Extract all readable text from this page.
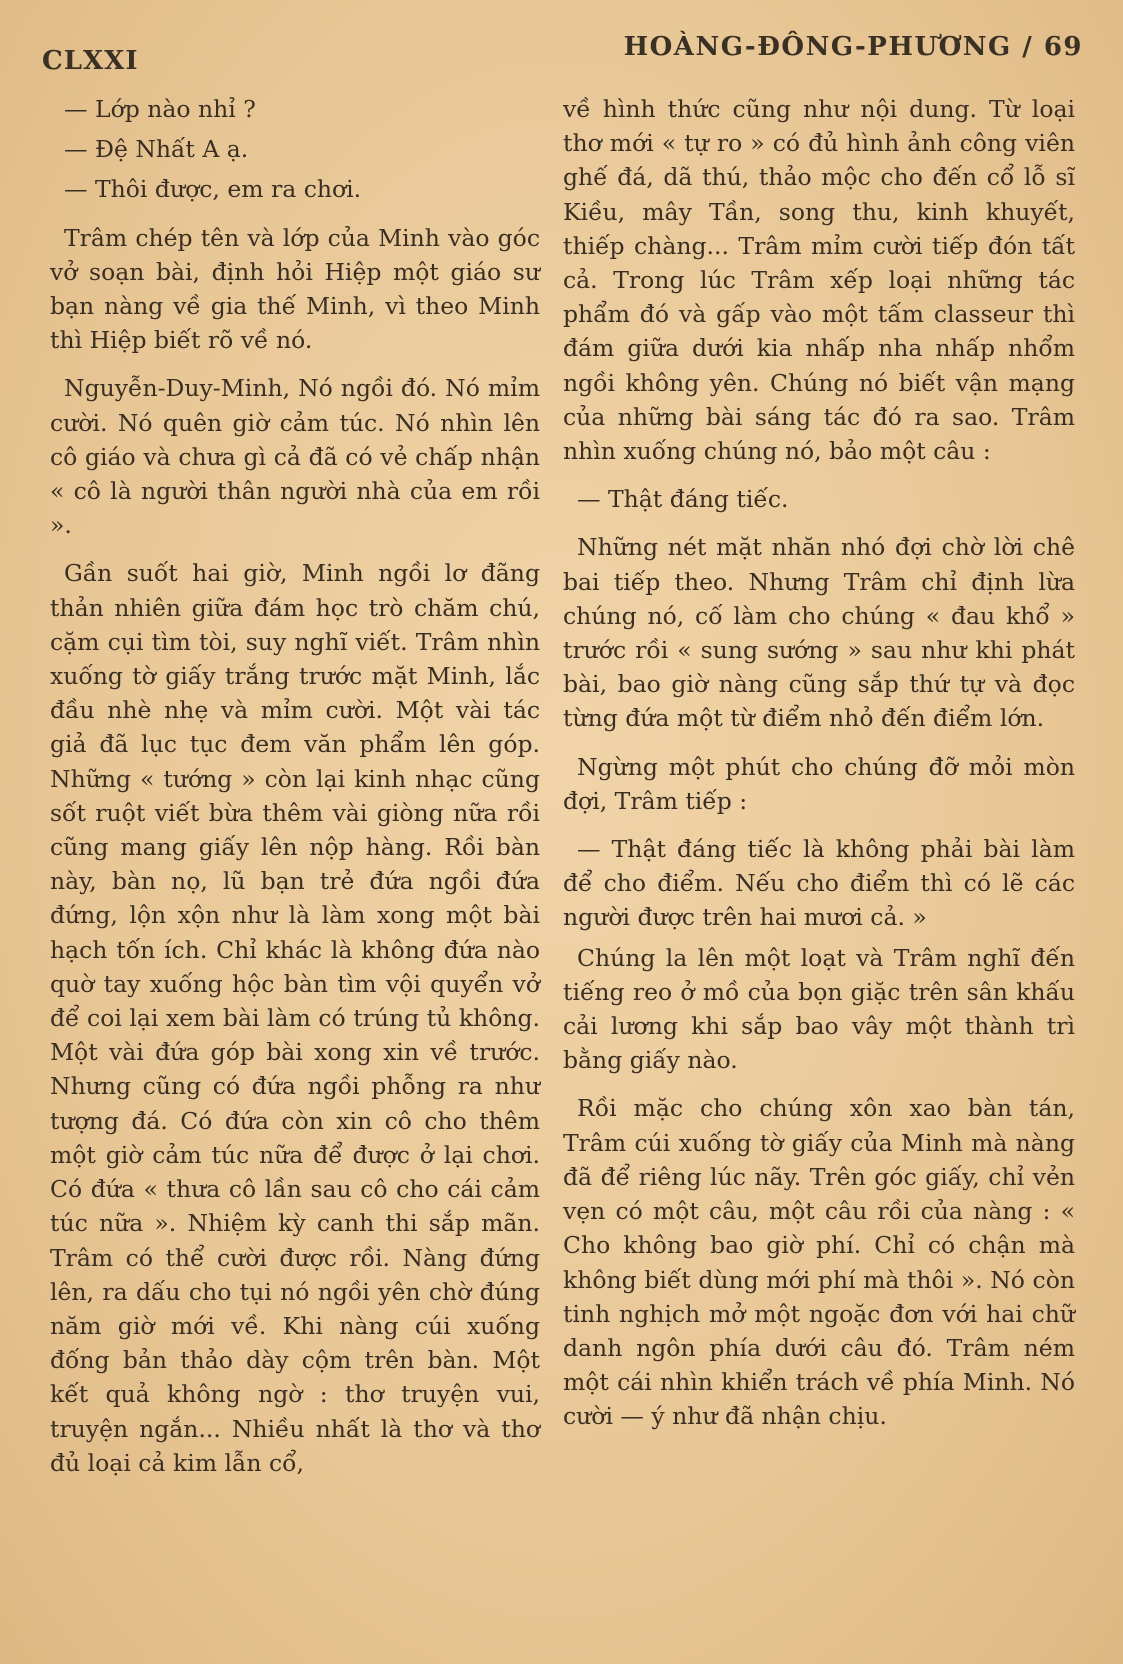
CLXXI	HOÀNG-ĐÔNG-PHƯƠNG / 69

— Lớp nào nhỉ ?

— Đệ Nhất A ạ.

— Thôi được, em ra chơi.

Trâm chép tên và lớp của Minh vào góc vở soạn bài, định hỏi Hiệp một giáo sư bạn nàng về gia thế Minh, vì theo Minh thì Hiệp biết rõ về nó.

Nguyễn-Duy-Minh, Nó ngồi đó. Nó mỉm cười. Nó quên giờ cảm túc. Nó nhìn lên cô giáo và chưa gì cả đã có vẻ chấp nhận « cô là người thân người nhà của em rồi ».

Gần suốt hai giờ, Minh ngồi lơ đãng thản nhiên giữa đám học trò chăm chú, cặm cụi tìm tòi, suy nghĩ viết. Trâm nhìn xuống tờ giấy trắng trước mặt Minh, lắc đầu nhè nhẹ và mỉm cười. Một vài tác giả đã lục tục đem văn phẩm lên góp. Những « tướng » còn lại kinh nhạc cũng sốt ruột viết bừa thêm vài giòng nữa rồi cũng mang giấy lên nộp hàng. Rồi bàn này, bàn nọ, lũ bạn trẻ đứa ngồi đứa đứng, lộn xộn như là làm xong một bài hạch tốn ích. Chỉ khác là không đứa nào quờ tay xuống hộc bàn tìm vội quyển vở để coi lại xem bài làm có trúng tủ không. Một vài đứa góp bài xong xin về trước. Nhưng cũng có đứa ngồi phỗng ra như tượng đá. Có đứa còn xin cô cho thêm một giờ cảm túc nữa để được ở lại chơi. Có đứa « thưa cô lần sau cô cho cái cảm túc nữa ». Nhiệm kỳ canh thi sắp mãn. Trâm có thể cười được rồi. Nàng đứng lên, ra dấu cho tụi nó ngồi yên chờ đúng năm giờ mới về. Khi nàng cúi xuống đống bản thảo dày cộm trên bàn. Một kết quả không ngờ : thơ truyện vui, truyện ngắn... Nhiều nhất là thơ và thơ đủ loại cả kim lẫn cổ,

về hình thức cũng như nội dung. Từ loại thơ mới « tự ro » có đủ hình ảnh công viên ghế đá, dã thú, thảo mộc cho đến cổ lỗ sĩ Kiều, mây Tần, song thu, kinh khuyết, thiếp chàng... Trâm mỉm cười tiếp đón tất cả. Trong lúc Trâm xếp loại những tác phẩm đó và gấp vào một tấm classeur thì đám giữa dưới kia nhấp nha nhấp nhổm ngồi không yên. Chúng nó biết vận mạng của những bài sáng tác đó ra sao. Trâm nhìn xuống chúng nó, bảo một câu :

— Thật đáng tiếc.

Những nét mặt nhăn nhó đợi chờ lời chê bai tiếp theo. Nhưng Trâm chỉ định lừa chúng nó, cố làm cho chúng « đau khổ » trước rồi « sung sướng » sau như khi phát bài, bao giờ nàng cũng sắp thứ tự và đọc từng đứa một từ điểm nhỏ đến điểm lớn.

Ngừng một phút cho chúng đỡ mỏi mòn đợi, Trâm tiếp :

— Thật đáng tiếc là không phải bài làm để cho điểm. Nếu cho điểm thì có lẽ các người được trên hai mươi cả. »

Chúng la lên một loạt và Trâm nghĩ đến tiếng reo ở mồ của bọn giặc trên sân khấu cải lương khi sắp bao vây một thành trì bằng giấy nào.

Rồi mặc cho chúng xôn xao bàn tán, Trâm cúi xuống tờ giấy của Minh mà nàng đã để riêng lúc nãy. Trên góc giấy, chỉ vẻn vẹn có một câu, một câu rồi của nàng : « Cho không bao giờ phí. Chỉ có chận mà không biết dùng mới phí mà thôi ». Nó còn tinh nghịch mở một ngoặc đơn với hai chữ danh ngôn phía dưới câu đó. Trâm ném một cái nhìn khiển trách về phía Minh. Nó cười — ý như đã nhận chịu.
